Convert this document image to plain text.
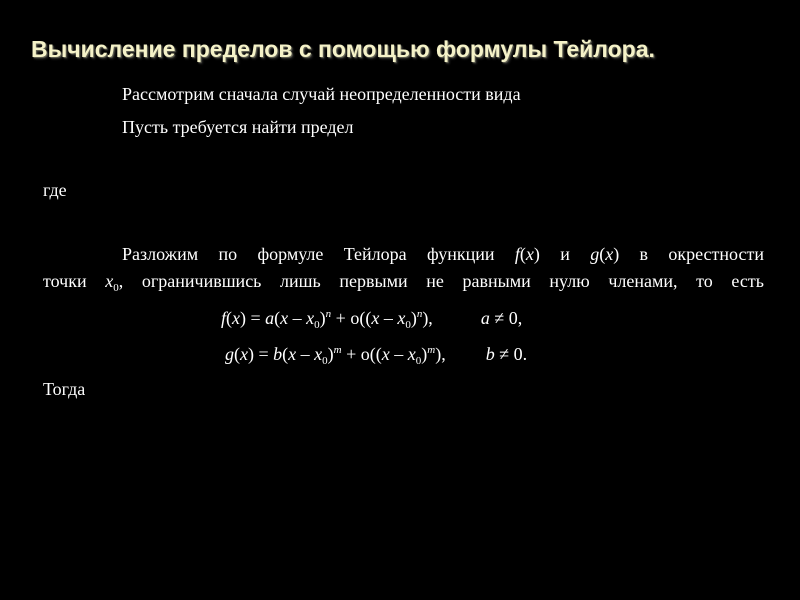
Вычисление пределов с помощью формулы Тейлора.
Рассмотрим сначала случай неопределенности вида
Пусть требуется найти предел
где
Разложим по формуле Тейлора функции f(x) и g(x) в окрестности
точки $x_0$, ограничившись лишь первыми не равными нулю членами, то есть
$f(x) = a(x - x_0)^n + o((x - x_0)^n)$,	a ≠ 0,
$g(x) = b(x - x_0)^m + o((x - x_0)^m)$, b ≠ 0.
Тогда
